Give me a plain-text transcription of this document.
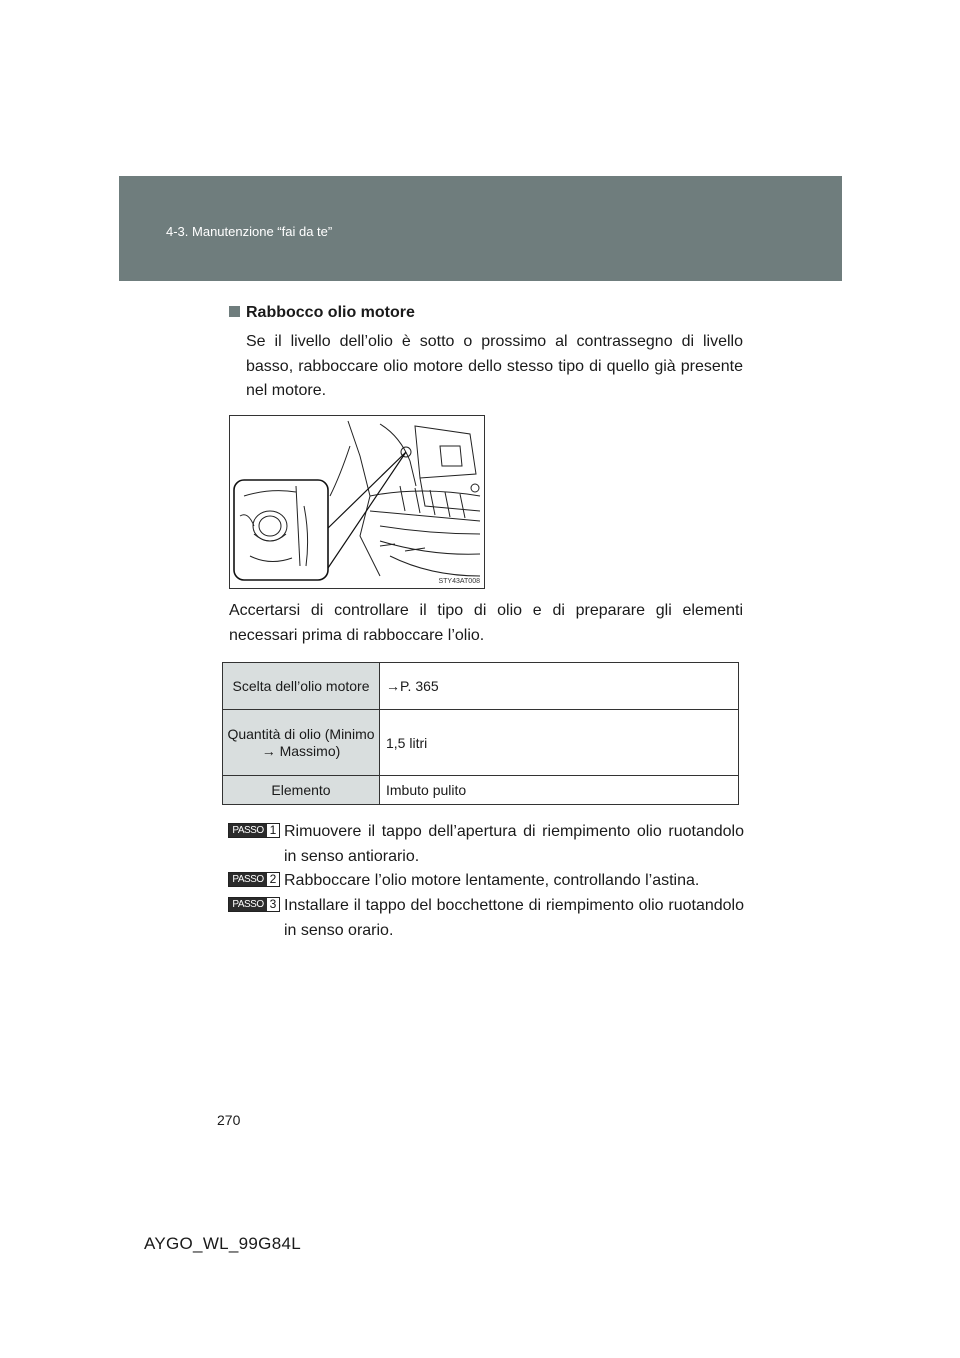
4-3. Manutenzione “fai da te”
Rabbocco olio motore
Se il livello dell’olio è sotto o prossimo al contrassegno di livello basso, rabboccare olio motore dello stesso tipo di quello già presente nel motore.
STY43AT008
Accertarsi di controllare il tipo di olio e di preparare gli elementi necessari prima di rabboccare l’olio.
Scelta dell’olio motore	→P. 365
Quantità di olio (Minimo → Massimo)	1,5 litri
Elemento	Imbuto pulito
PASSO 1 Rimuovere il tappo dell’apertura di riempimento olio ruotandolo in senso antiorario.
PASSO 2 Rabboccare l’olio motore lentamente, controllando l’astina.
PASSO 3 Installare il tappo del bocchettone di riempimento olio ruotandolo in senso orario.
270
AYGO_WL_99G84L
